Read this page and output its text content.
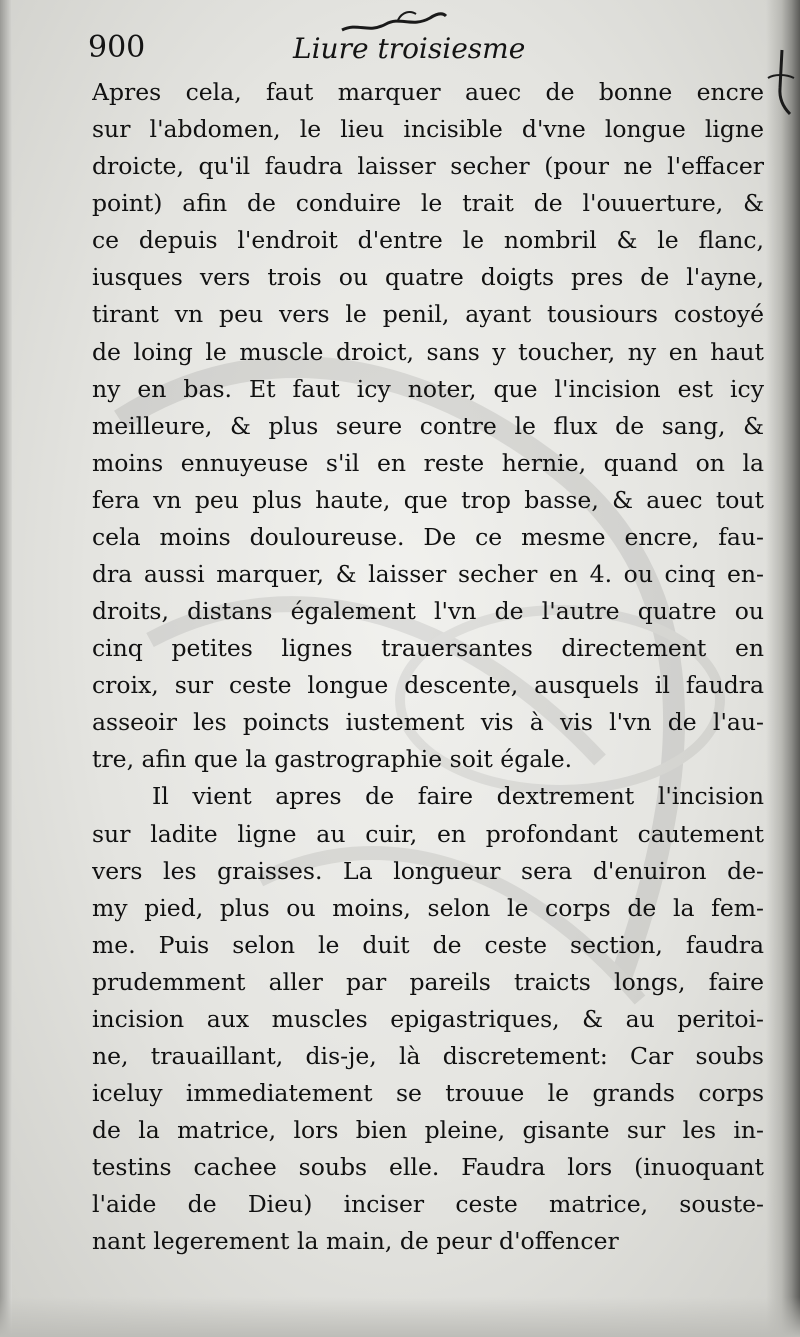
900	Liure troisiesme
Apres cela, faut marquer auec de bonne encre
sur l'abdomen, le lieu incisible d'vne longue ligne
droicte, qu'il faudra laisser secher (pour ne l'effacer
point) afin de conduire le trait de l'ouuerture, &
ce depuis l'endroit d'entre le nombril & le flanc,
iusques vers trois ou quatre doigts pres de l'ayne,
tirant vn peu vers le penil, ayant tousiours costoyé
de loing le muscle droict, sans y toucher, ny en haut
ny en bas. Et faut icy noter, que l'incision est icy
meilleure, & plus seure contre le flux de sang, &
moins ennuyeuse s'il en reste hernie, quand on la
fera vn peu plus haute, que trop basse, & auec tout
cela moins douloureuse. De ce mesme encre, fau-
dra aussi marquer, & laisser secher en 4. ou cinq en-
droits, distans également l'vn de l'autre quatre ou
cinq petites lignes trauersantes directement en
croix, sur ceste longue descente, ausquels il faudra
asseoir les poincts iustement vis à vis l'vn de l'au-
tre, afin que la gastrographie soit égale.
Il vient apres de faire dextrement l'incision
sur ladite ligne au cuir, en profondant cautement
vers les graisses. La longueur sera d'enuiron de-
my pied, plus ou moins, selon le corps de la fem-
me. Puis selon le duit de ceste section, faudra
prudemment aller par pareils traicts longs, faire
incision aux muscles epigastriques, & au peritoi-
ne, trauaillant, dis-je, là discretement: Car soubs
iceluy immediatement se trouue le grands corps
de la matrice, lors bien pleine, gisante sur les in-
testins cachee soubs elle. Faudra lors (inuoquant
l'aide de Dieu) inciser ceste matrice, souste-
nant legerement la main, de peur d'offencer
